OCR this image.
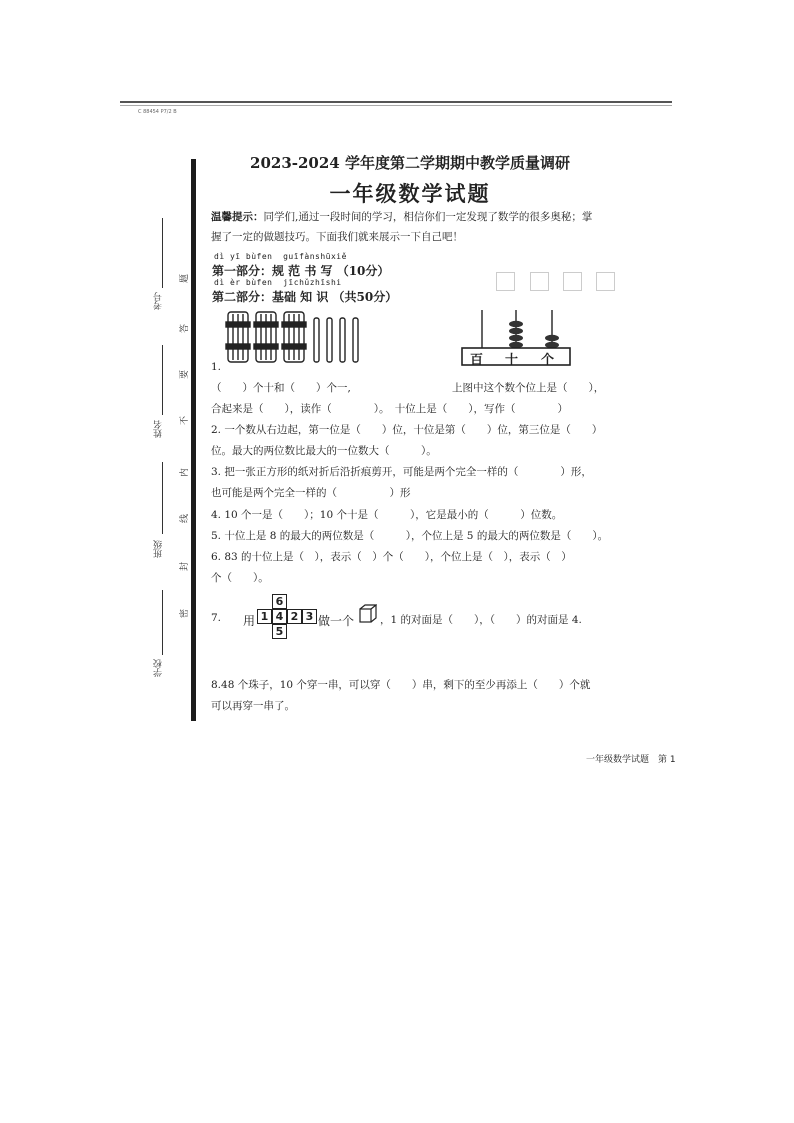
C 88454 P7/2 B
考号
姓名
班级
学校
题
答
要
不
内
线
封
密
2023-2024 学年度第二学期期中教学质量调研
一年级数学试题
温馨提示：同学们,通过一段时间的学习，相信你们一定发现了数学的很多奥秘；掌
握了一定的做题技巧。下面我们就来展示一下自己吧！
dì yī bùfen  guīfànshūxiě
第一部分：规 范 书 写 （10分）
dì èr bùfen  jīchǔzhīshi
第二部分：基础 知 识 （共50分）
百 十 个
1.
（　　）个十和（　　）个一,	上图中这个数个位上是（　　），
合起来是（　　），读作（　　　　）。　十位上是（　　），写作（　　　　）
2. 一个数从右边起，第一位是（　　）位，十位是第（　　）位，第三位是（　　）
位。最大的两位数比最大的一位数大（　　　）。
3. 把一张正方形的纸对折后沿折痕剪开，可能是两个完全一样的（　　　　）形，
也可能是两个完全一样的（　　　　　）形
4. 10 个一是（　　）；10 个十是（　　　），它是最小的（　　　）位数。
5. 十位上是 8 的最大的两位数是（　　　），个位上是 5 的最大的两位数是（　　）。
6. 83 的十位上是（　），表示（　）个（　　），个位上是（　），表示（　）
个（　　）。
7. 用
6
1 4 2 3
5
做一个 ，1 的对面是（　　），（　　）的对面是 4.
8.48 个珠子，10 个穿一串，可以穿（　　）串，剩下的至少再添上（　　）个就
可以再穿一串了。
一年级数学试题　第 1
